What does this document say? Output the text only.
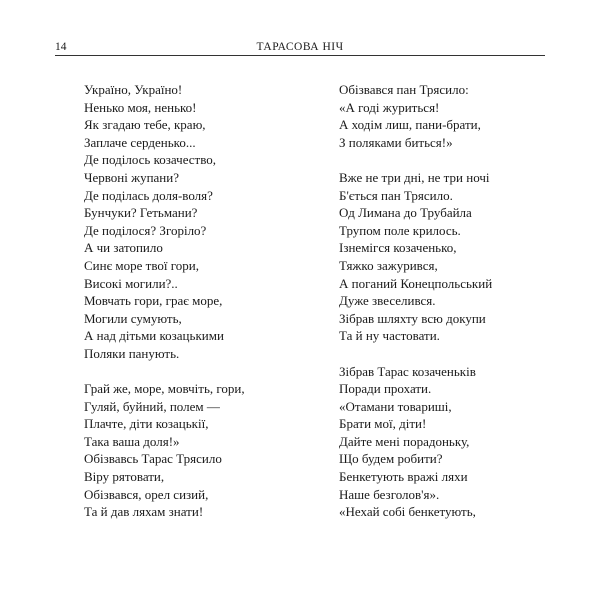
14	ТАРАСОВА НІЧ
Україно, Україно!
Ненько моя, ненько!
Як згадаю тебе, краю,
Заплаче серденько...
Де поділось козачество,
Червоні жупани?
Де поділась доля-воля?
Бунчуки? Гетьмани?
Де поділося? Згоріло?
А чи затопило
Синє море твої гори,
Високі могили?..
Мовчать гори, грає море,
Могили сумують,
А над дітьми козацькими
Поляки панують.
Грай же, море, мовчіть, гори,
Гуляй, буйний, полем —
Плачте, діти козацькії,
Така ваша доля!»
Обізвавсь Тарас Трясило
Віру рятовати,
Обізвався, орел сизий,
Та й дав ляхам знати!
Обізвався пан Трясило:
«А годі журиться!
А ходім лиш, пани-брати,
З поляками биться!»
Вже не три дні, не три ночі
Б'ється пан Трясило.
Од Лимана до Трубайла
Трупом поле крилось.
Ізнемігся козаченько,
Тяжко зажурився,
А поганий Конецпольський
Дуже звеселився.
Зібрав шляхту всю докупи
Та й ну частовати.
Зібрав Тарас козаченьків
Поради прохати.
«Отамани товариші,
Брати мої, діти!
Дайте мені порадоньку,
Що будем робити?
Бенкетують вражі ляхи
Наше безголов'я».
«Нехай собі бенкетують,
